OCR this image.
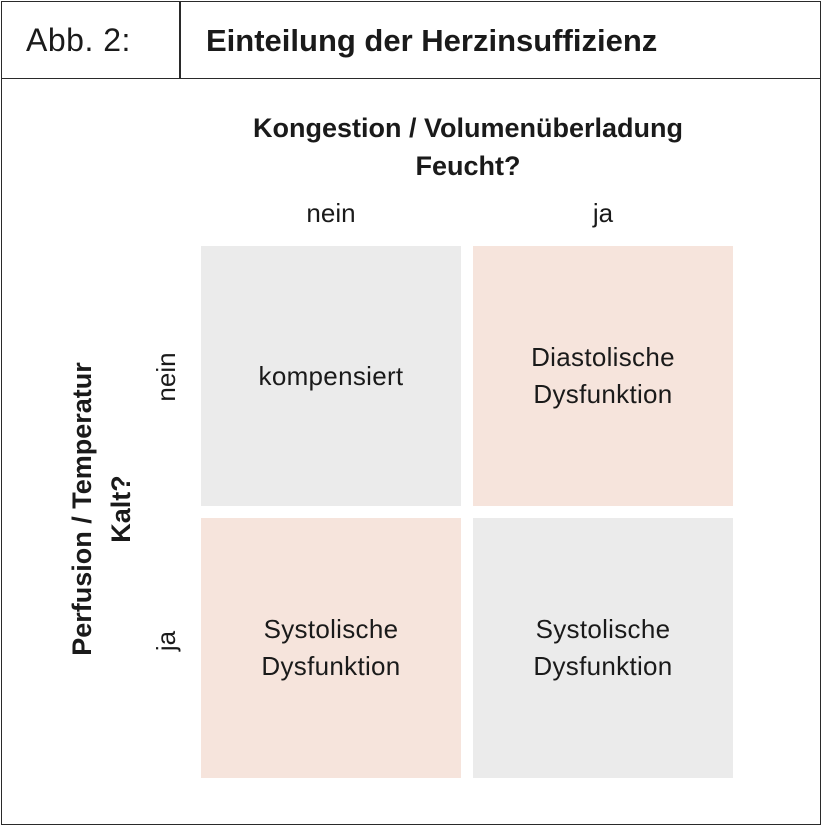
Abb. 2: Einteilung der Herzinsuffizienz
Kongestion / Volumenüberladung
Feucht?
nein	ja
Perfusion / Temperatur Kalt?
nein
ja
kompensiert
Diastolische
Dysfunktion
Systolische
Dysfunktion
Systolische
Dysfunktion
